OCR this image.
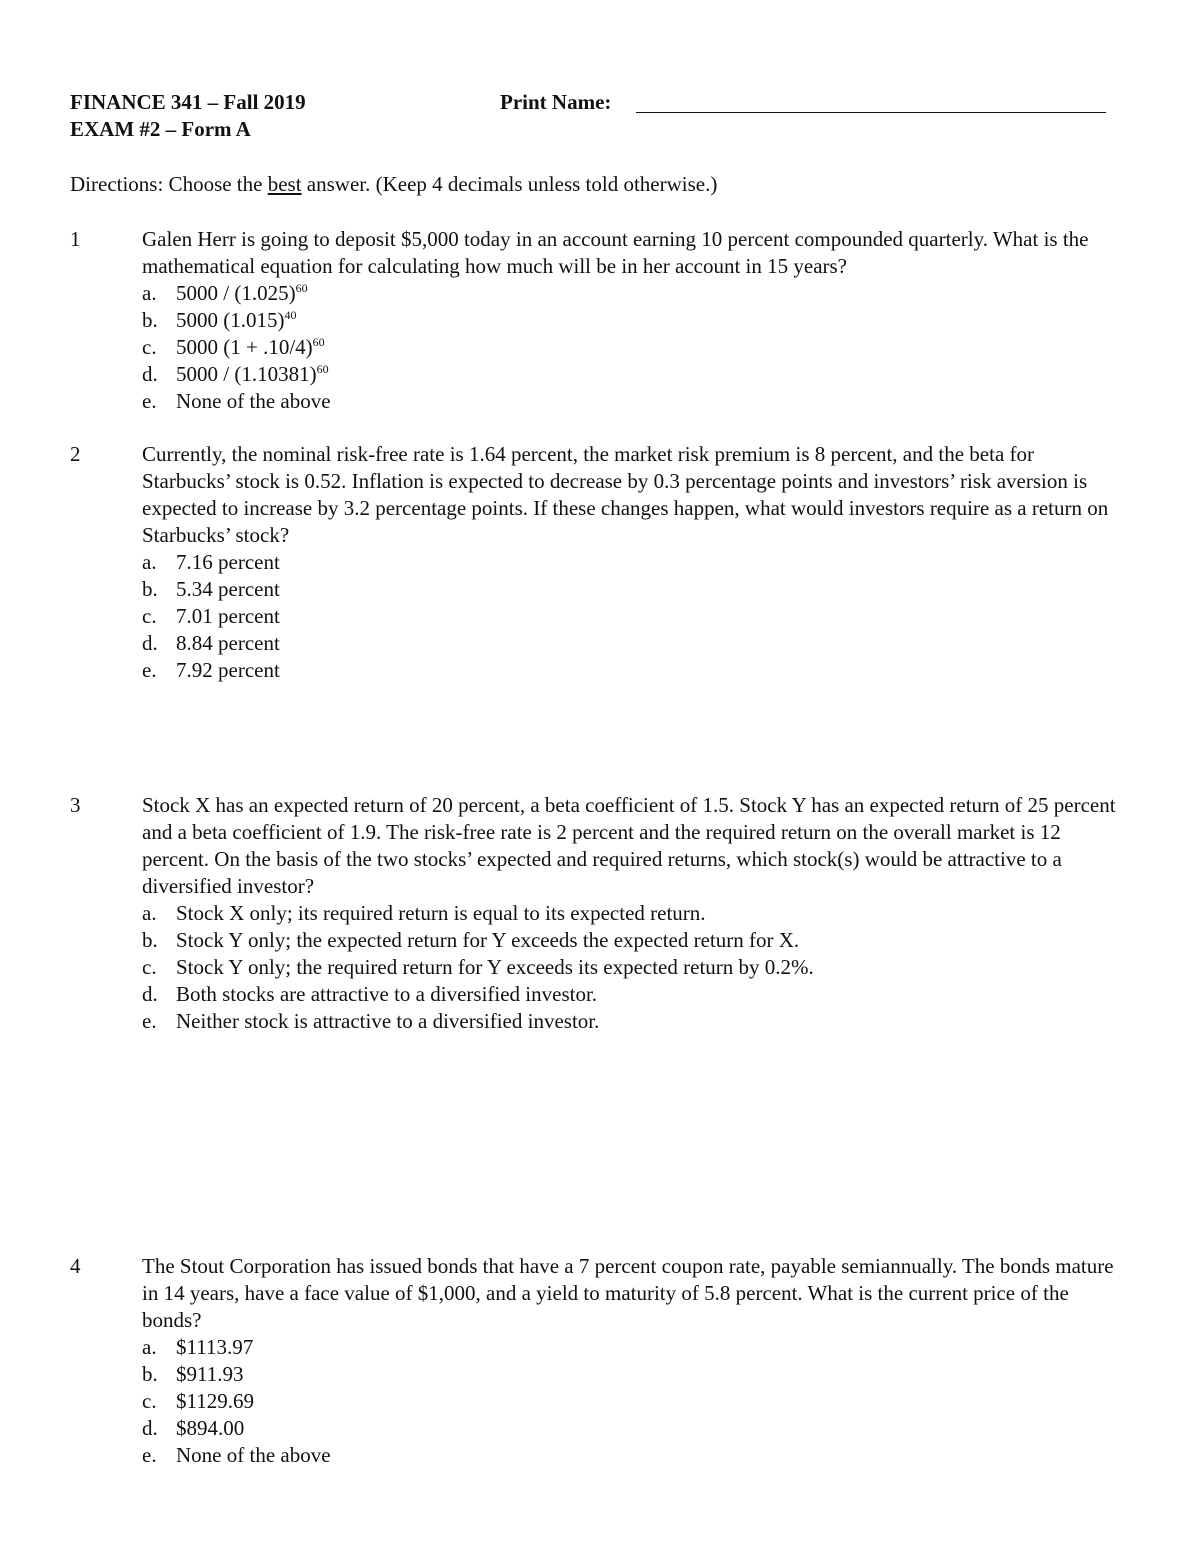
FINANCE 341 – Fall 2019
EXAM #2 – Form A
Print Name:
Directions: Choose the best answer. (Keep 4 decimals unless told otherwise.)
1	Galen Herr is going to deposit $5,000 today in an account earning 10 percent compounded quarterly. What is the mathematical equation for calculating how much will be in her account in 15 years?
a. $5000 / (1.025)^{60}$
b. 5000 $(1.015)^{40}$
c. 5000 $(1 + .10/4)^{60}$
d. $5000 / (1.10381)^{60}$
e. None of the above
2	Currently, the nominal risk-free rate is 1.64 percent, the market risk premium is 8 percent, and the beta for Starbucks’ stock is 0.52. Inflation is expected to decrease by 0.3 percentage points and investors’ risk aversion is expected to increase by 3.2 percentage points. If these changes happen, what would investors require as a return on Starbucks’ stock?
a. 7.16 percent
b. 5.34 percent
c. 7.01 percent
d. 8.84 percent
e. 7.92 percent
3	Stock X has an expected return of 20 percent, a beta coefficient of 1.5. Stock Y has an expected return of 25 percent and a beta coefficient of 1.9. The risk-free rate is 2 percent and the required return on the overall market is 12 percent. On the basis of the two stocks’ expected and required returns, which stock(s) would be attractive to a diversified investor?
a. Stock X only; its required return is equal to its expected return.
b. Stock Y only; the expected return for Y exceeds the expected return for X.
c. Stock Y only; the required return for Y exceeds its expected return by 0.2%.
d. Both stocks are attractive to a diversified investor.
e. Neither stock is attractive to a diversified investor.
4	The Stout Corporation has issued bonds that have a 7 percent coupon rate, payable semiannually. The bonds mature in 14 years, have a face value of $1,000, and a yield to maturity of 5.8 percent. What is the current price of the bonds?
a. $1113.97
b. $911.93
c. $1129.69
d. $894.00
e. None of the above
